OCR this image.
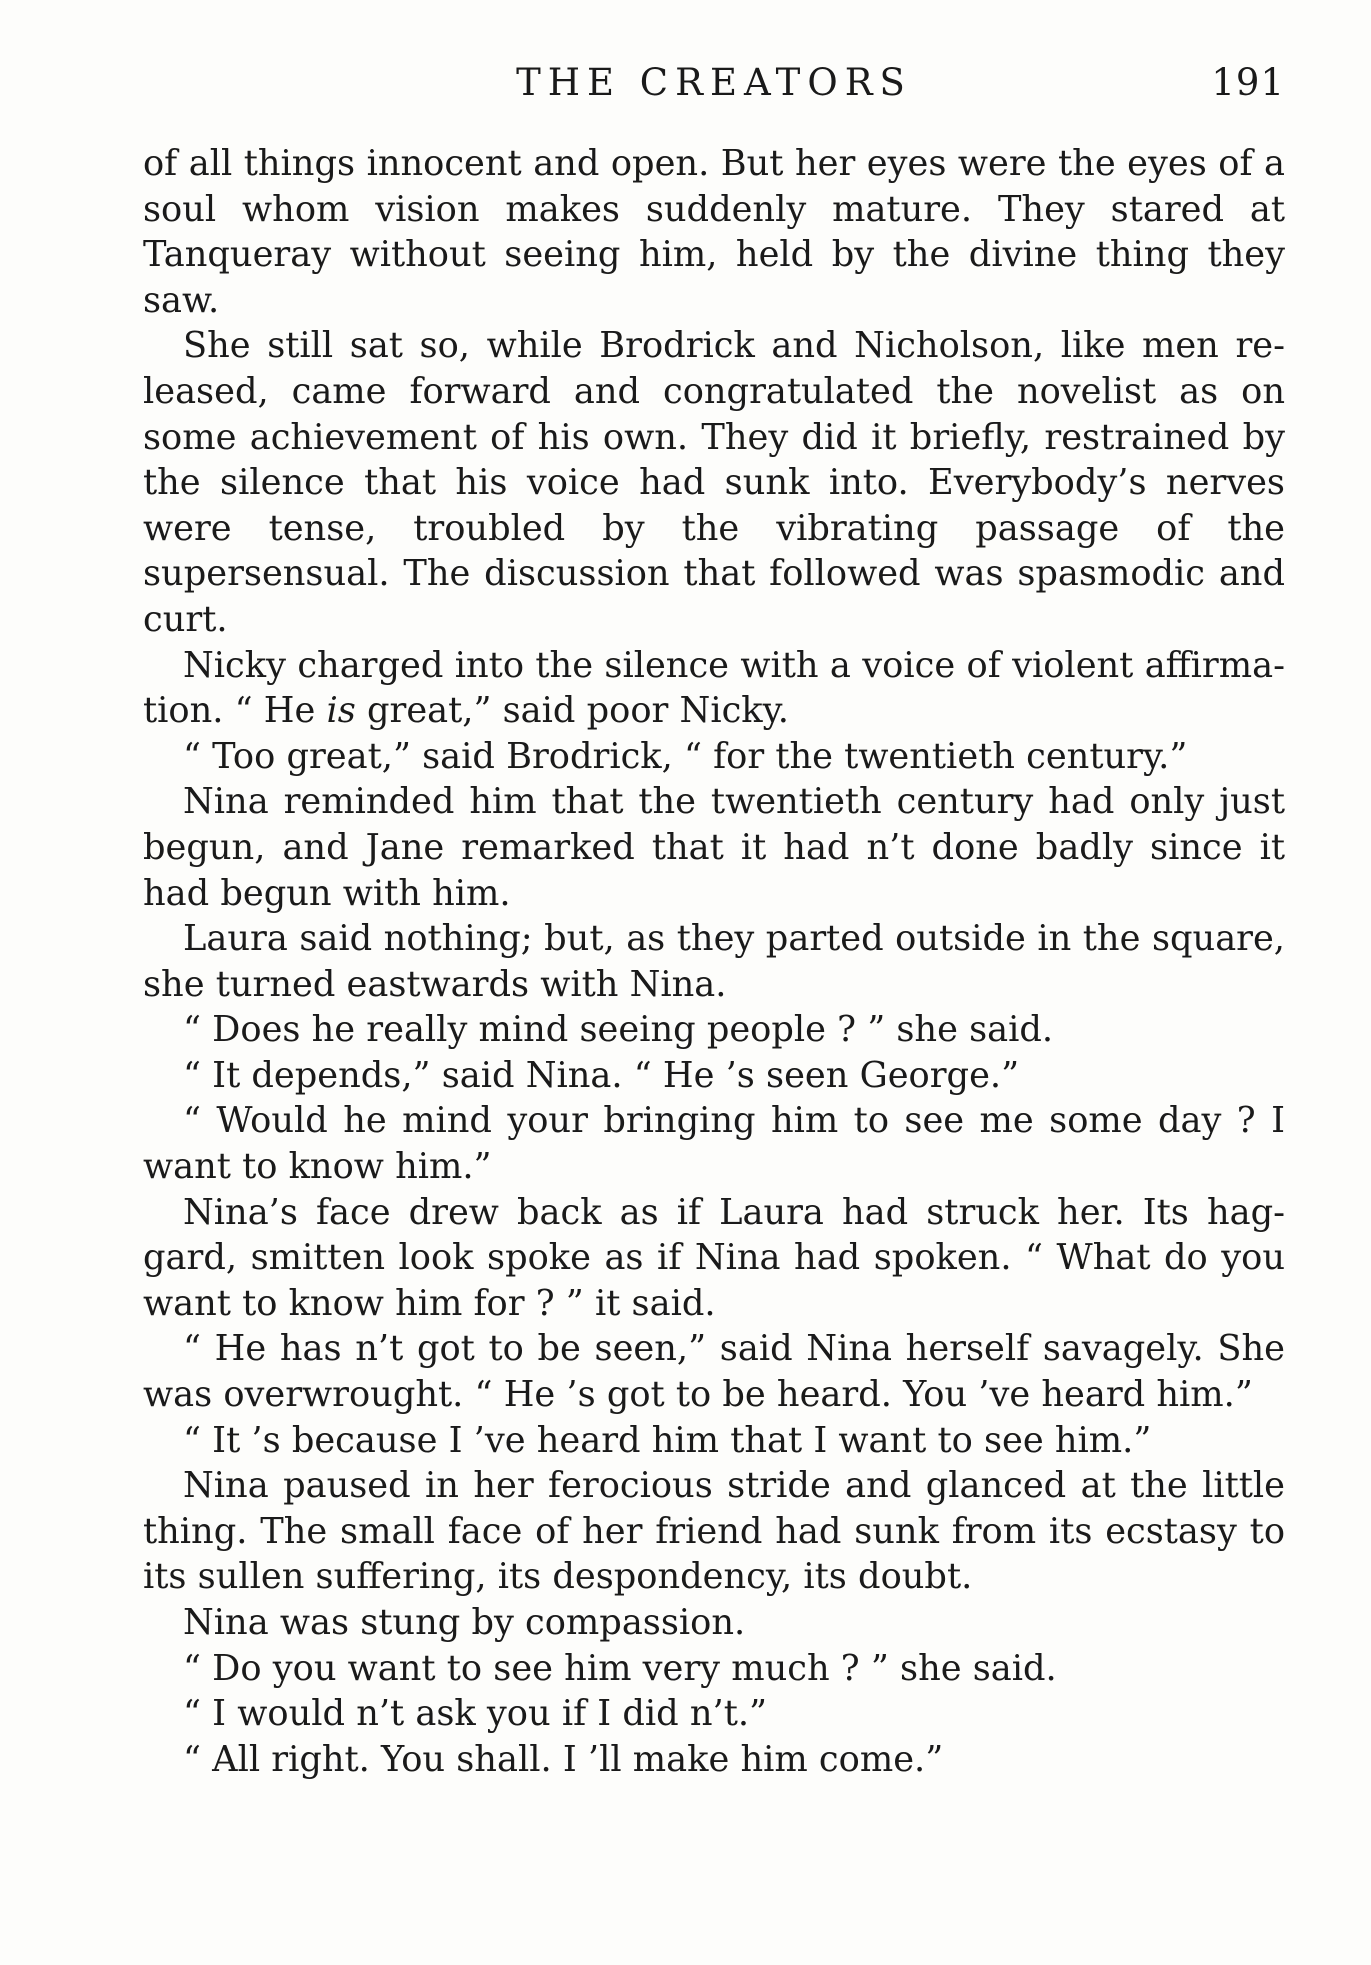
THE CREATORS	191

of all things innocent and open. But her eyes were the eyes of a soul whom vision makes suddenly mature. They stared at Tanqueray without seeing him, held by the divine thing they saw.

She still sat so, while Brodrick and Nicholson, like men released, came forward and congratulated the novelist as on some achievement of his own. They did it briefly, restrained by the silence that his voice had sunk into. Everybody’s nerves were tense, troubled by the vibrating passage of the supersensual. The discussion that followed was spasmodic and curt.

Nicky charged into the silence with a voice of violent affirmation. “ He is great,” said poor Nicky.

“ Too great,” said Brodrick, “ for the twentieth century.”

Nina reminded him that the twentieth century had only just begun, and Jane remarked that it had n’t done badly since it had begun with him.

Laura said nothing; but, as they parted outside in the square, she turned eastwards with Nina.

“ Does he really mind seeing people ? ” she said.

“ It depends,” said Nina. “ He ’s seen George.”

“ Would he mind your bringing him to see me some day ? I want to know him.”

Nina’s face drew back as if Laura had struck her. Its haggard, smitten look spoke as if Nina had spoken. “ What do you want to know him for ? ” it said.

“ He has n’t got to be seen,” said Nina herself savagely. She was overwrought. “ He ’s got to be heard. You ’ve heard him.”

“ It ’s because I ’ve heard him that I want to see him.”

Nina paused in her ferocious stride and glanced at the little thing. The small face of her friend had sunk from its ecstasy to its sullen suffering, its despondency, its doubt.

Nina was stung by compassion.

“ Do you want to see him very much ? ” she said.

“ I would n’t ask you if I did n’t.”

“ All right. You shall. I ’ll make him come.”
